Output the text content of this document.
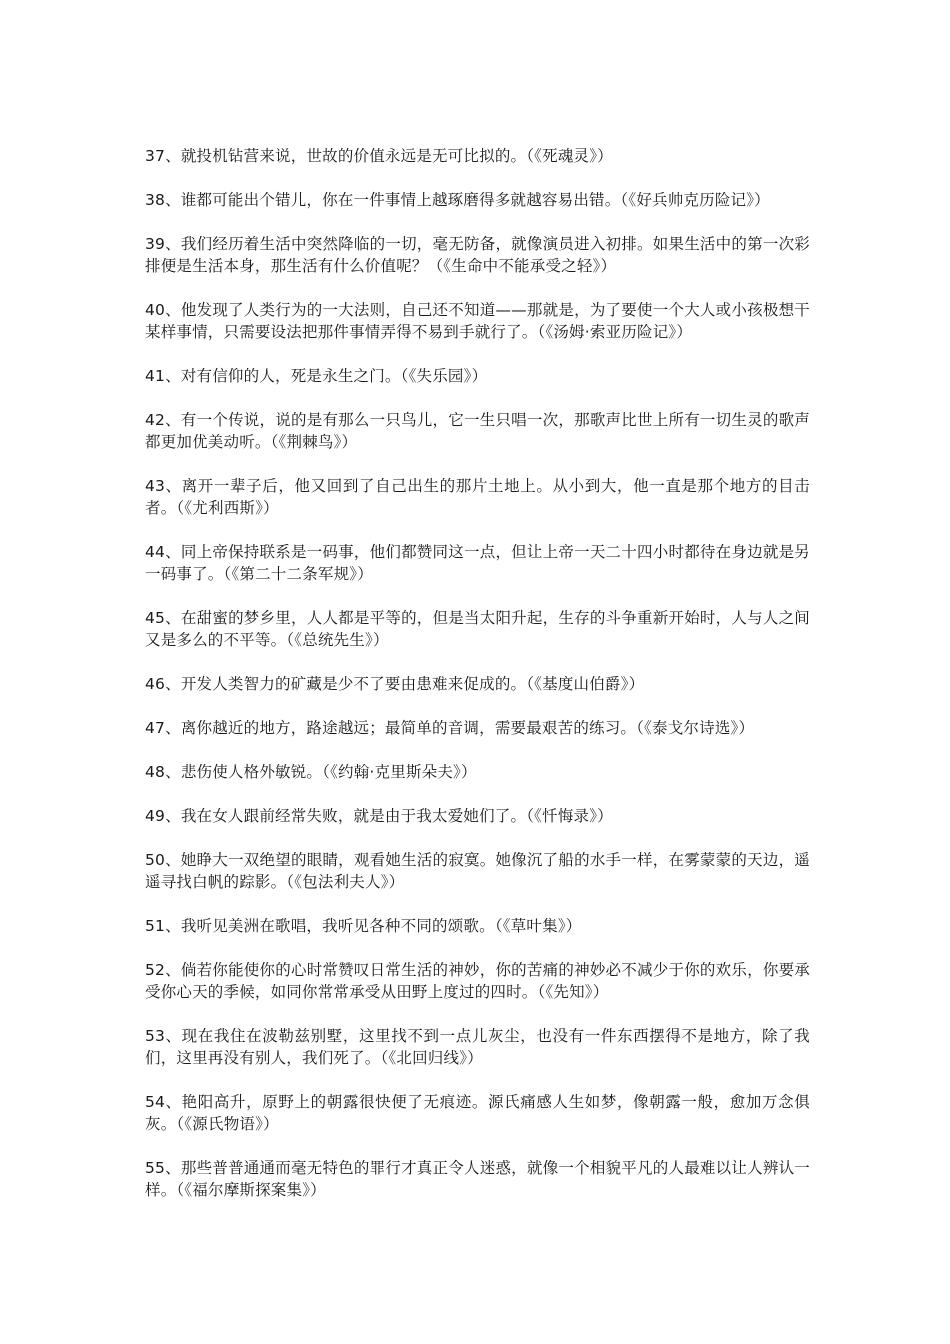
37、就投机钻营来说，世故的价值永远是无可比拟的。（《死魂灵》）
38、谁都可能出个错儿，你在一件事情上越琢磨得多就越容易出错。（《好兵帅克历险记》）
39、我们经历着生活中突然降临的一切，毫无防备，就像演员进入初排。如果生活中的第一次彩排便是生活本身，那生活有什么价值呢？（《生命中不能承受之轻》）
40、他发现了人类行为的一大法则，自己还不知道——那就是，为了要使一个大人或小孩极想干某样事情，只需要设法把那件事情弄得不易到手就行了。（《汤姆·索亚历险记》）
41、对有信仰的人，死是永生之门。（《失乐园》）
42、有一个传说，说的是有那么一只鸟儿，它一生只唱一次，那歌声比世上所有一切生灵的歌声都更加优美动听。（《荆棘鸟》）
43、离开一辈子后，他又回到了自己出生的那片土地上。从小到大，他一直是那个地方的目击者。（《尤利西斯》）
44、同上帝保持联系是一码事，他们都赞同这一点，但让上帝一天二十四小时都待在身边就是另一码事了。（《第二十二条军规》）
45、在甜蜜的梦乡里，人人都是平等的，但是当太阳升起，生存的斗争重新开始时，人与人之间又是多么的不平等。（《总统先生》）
46、开发人类智力的矿藏是少不了要由患难来促成的。（《基度山伯爵》）
47、离你越近的地方，路途越远；最简单的音调，需要最艰苦的练习。（《泰戈尔诗选》）
48、悲伤使人格外敏锐。（《约翰·克里斯朵夫》）
49、我在女人跟前经常失败，就是由于我太爱她们了。（《忏悔录》）
50、她睁大一双绝望的眼睛，观看她生活的寂寞。她像沉了船的水手一样，在雾蒙蒙的天边，遥遥寻找白帆的踪影。（《包法利夫人》）
51、我听见美洲在歌唱，我听见各种不同的颂歌。（《草叶集》）
52、倘若你能使你的心时常赞叹日常生活的神妙，你的苦痛的神妙必不减少于你的欢乐，你要承受你心天的季候，如同你常常承受从田野上度过的四时。（《先知》）
53、现在我住在波勒兹别墅，这里找不到一点儿灰尘，也没有一件东西摆得不是地方，除了我们，这里再没有别人，我们死了。（《北回归线》）
54、艳阳高升，原野上的朝露很快便了无痕迹。源氏痛感人生如梦，像朝露一般，愈加万念俱灰。（《源氏物语》）
55、那些普普通通而毫无特色的罪行才真正令人迷惑，就像一个相貌平凡的人最难以让人辨认一样。（《福尔摩斯探案集》）
